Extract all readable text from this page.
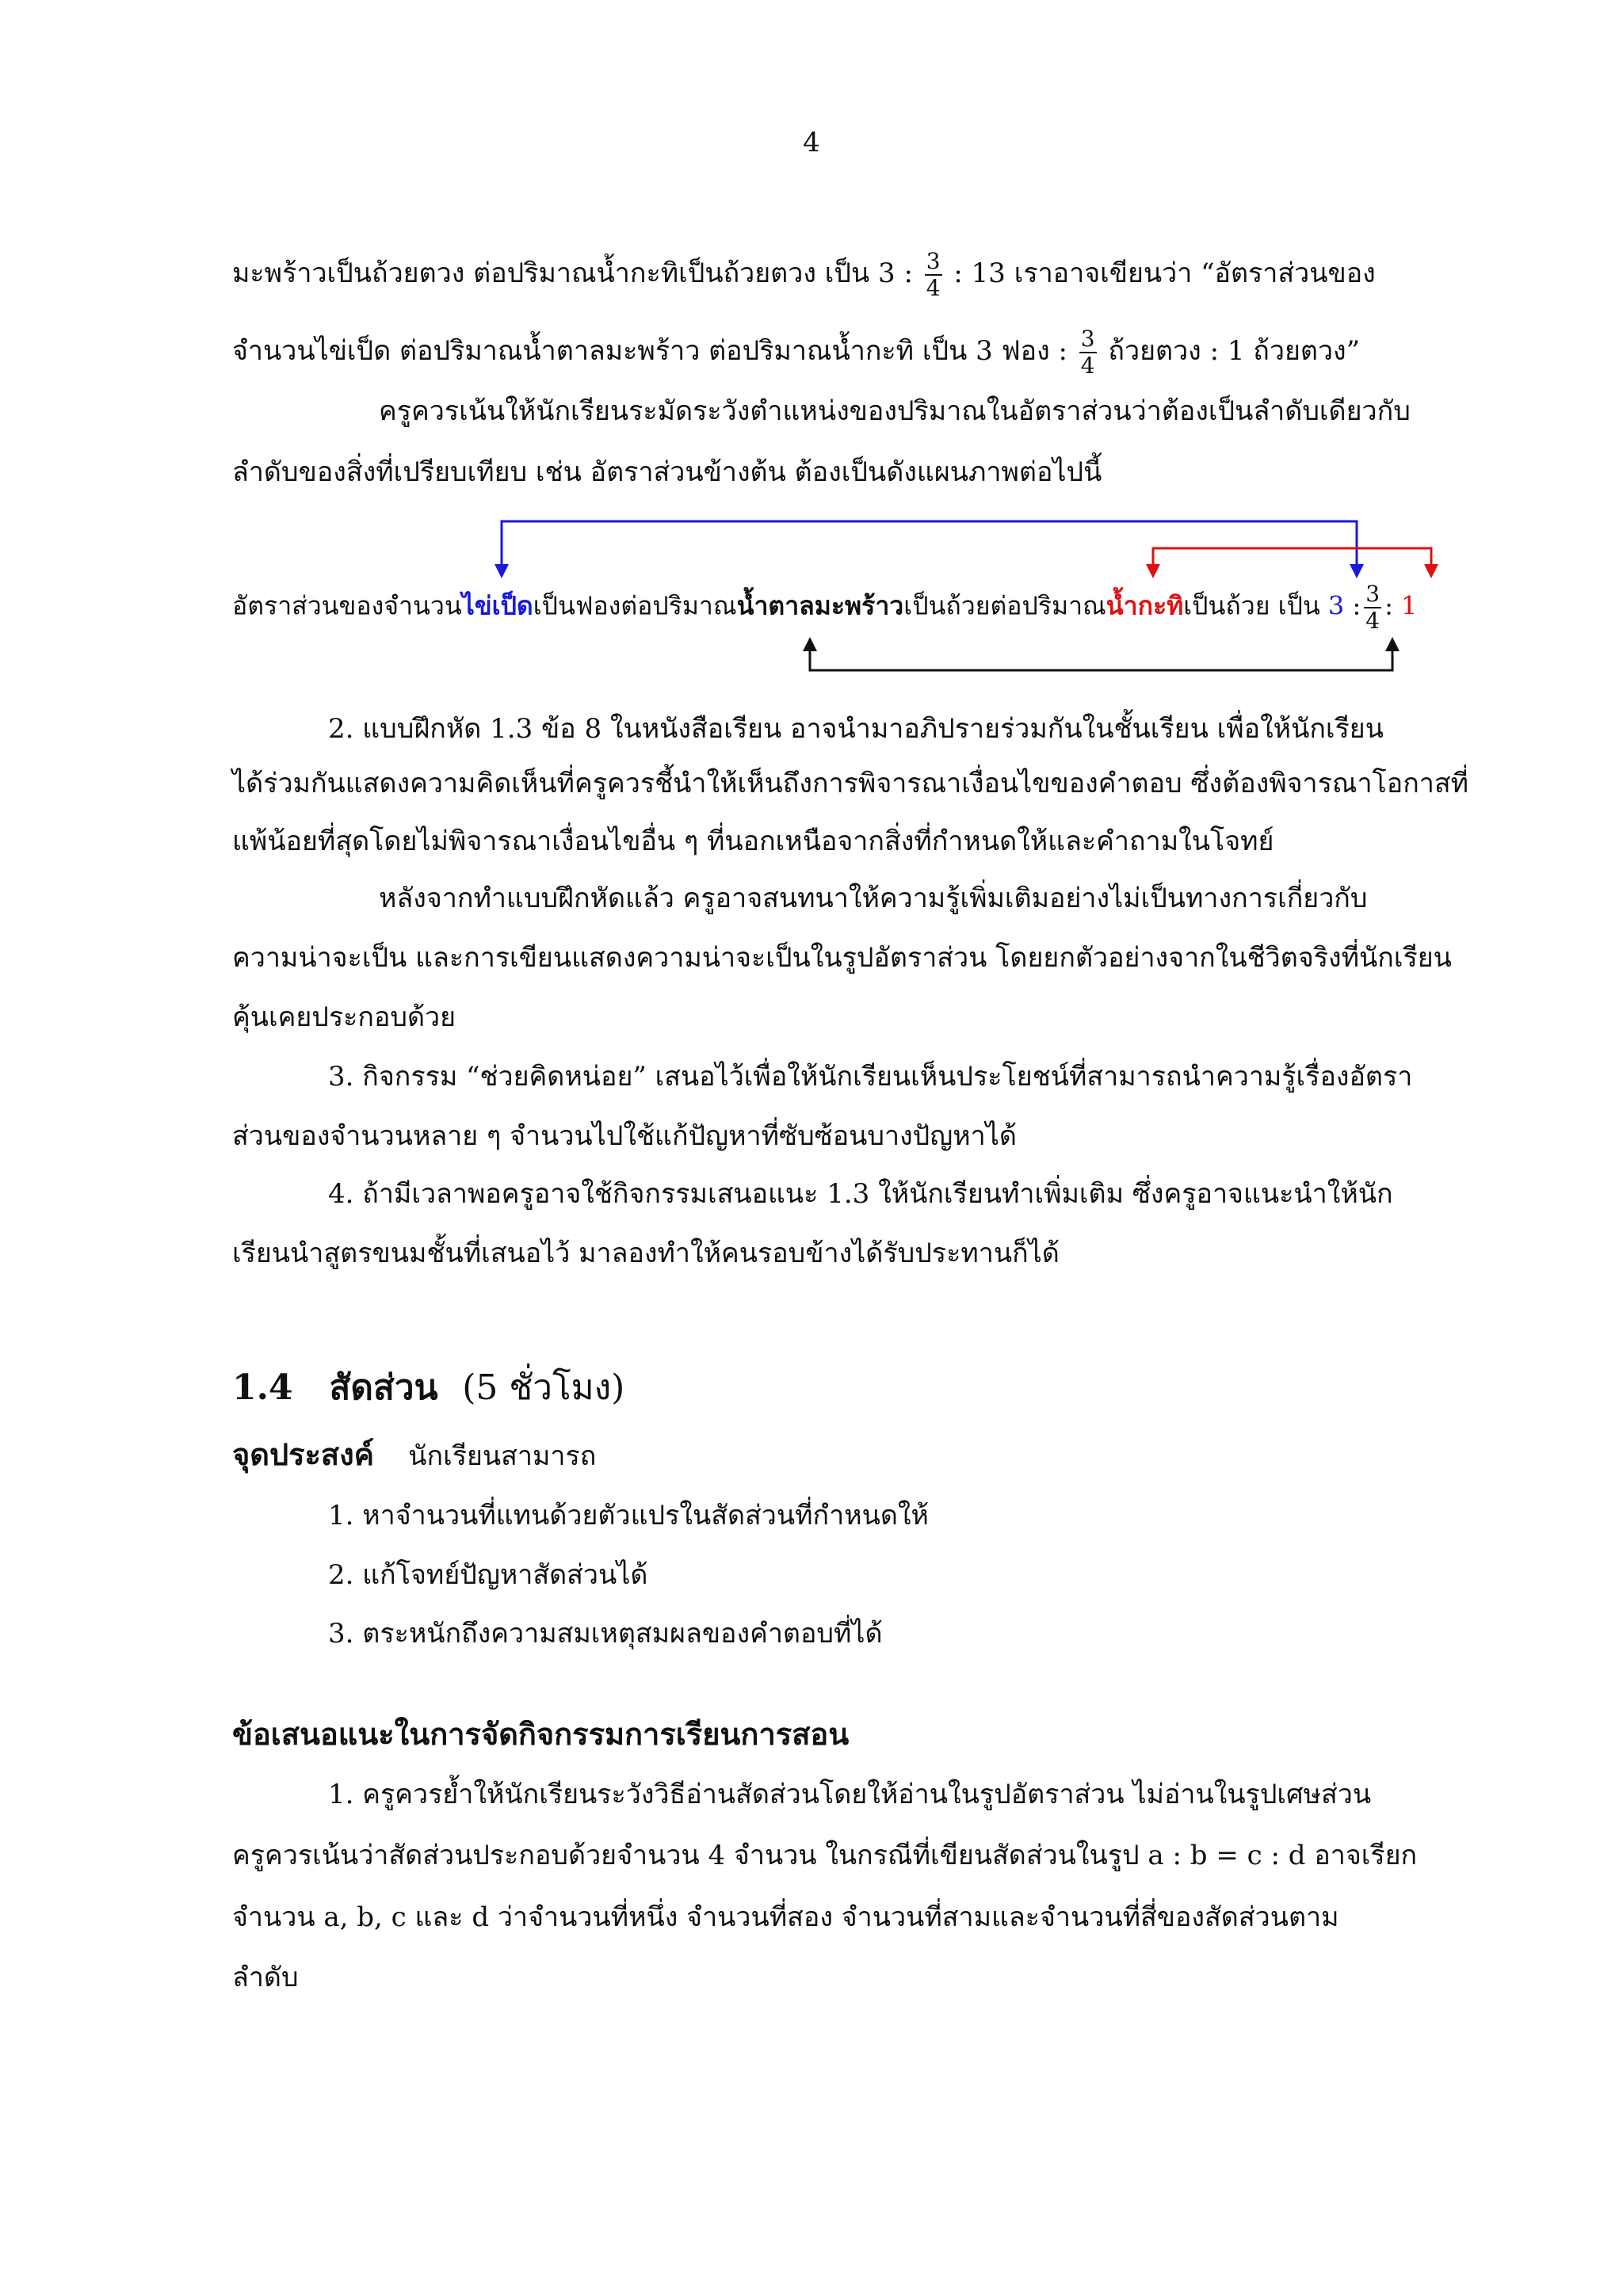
4
มะพร้าวเป็นถ้วยตวง ต่อปริมาณน้ำกะทิเป็นถ้วยตวง เป็น 3 : $\frac{3}{4}$ : 13 เราอาจเขียนว่า “อัตราส่วนของ
จำนวนไข่เป็ด ต่อปริมาณน้ำตาลมะพร้าว ต่อปริมาณน้ำกะทิ เป็น 3 ฟอง : $\frac{3}{4}$ ถ้วยตวง : 1 ถ้วยตวง”
ครูควรเน้นให้นักเรียนระมัดระวังตำแหน่งของปริมาณในอัตราส่วนว่าต้องเป็นลำดับเดียวกับ
ลำดับของสิ่งที่เปรียบเทียบ เช่น อัตราส่วนข้างต้น ต้องเป็นดังแผนภาพต่อไปนี้
อัตราส่วนของจำนวนไข่เป็ดเป็นฟองต่อปริมาณน้ำตาลมะพร้าวเป็นถ้วยต่อปริมาณน้ำกะทิเป็นถ้วย เป็น 3 : $\frac{3}{4}$ : 1
2. แบบฝึกหัด 1.3 ข้อ 8 ในหนังสือเรียน อาจนำมาอภิปรายร่วมกันในชั้นเรียน เพื่อให้นักเรียน
ได้ร่วมกันแสดงความคิดเห็นที่ครูควรชี้นำให้เห็นถึงการพิจารณาเงื่อนไขของคำตอบ ซึ่งต้องพิจารณาโอกาสที่
แพ้น้อยที่สุดโดยไม่พิจารณาเงื่อนไขอื่น ๆ ที่นอกเหนือจากสิ่งที่กำหนดให้และคำถามในโจทย์
หลังจากทำแบบฝึกหัดแล้ว ครูอาจสนทนาให้ความรู้เพิ่มเติมอย่างไม่เป็นทางการเกี่ยวกับ
ความน่าจะเป็น และการเขียนแสดงความน่าจะเป็นในรูปอัตราส่วน โดยยกตัวอย่างจากในชีวิตจริงที่นักเรียน
คุ้นเคยประกอบด้วย
3. กิจกรรม “ช่วยคิดหน่อย” เสนอไว้เพื่อให้นักเรียนเห็นประโยชน์ที่สามารถนำความรู้เรื่องอัตรา
ส่วนของจำนวนหลาย ๆ จำนวนไปใช้แก้ปัญหาที่ซับซ้อนบางปัญหาได้
4. ถ้ามีเวลาพอครูอาจใช้กิจกรรมเสนอแนะ 1.3 ให้นักเรียนทำเพิ่มเติม ซึ่งครูอาจแนะนำให้นัก
เรียนนำสูตรขนมชั้นที่เสนอไว้ มาลองทำให้คนรอบข้างได้รับประทานก็ได้
1.4 สัดส่วน (5 ชั่วโมง)
จุดประสงค์ นักเรียนสามารถ
1. หาจำนวนที่แทนด้วยตัวแปรในสัดส่วนที่กำหนดให้
2. แก้โจทย์ปัญหาสัดส่วนได้
3. ตระหนักถึงความสมเหตุสมผลของคำตอบที่ได้
ข้อเสนอแนะในการจัดกิจกรรมการเรียนการสอน
1. ครูควรย้ำให้นักเรียนระวังวิธีอ่านสัดส่วนโดยให้อ่านในรูปอัตราส่วน ไม่อ่านในรูปเศษส่วน
ครูควรเน้นว่าสัดส่วนประกอบด้วยจำนวน 4 จำนวน ในกรณีที่เขียนสัดส่วนในรูป a : b = c : d อาจเรียก
จำนวน a, b, c และ d ว่าจำนวนที่หนึ่ง จำนวนที่สอง จำนวนที่สามและจำนวนที่สี่ของสัดส่วนตาม
ลำดับ
